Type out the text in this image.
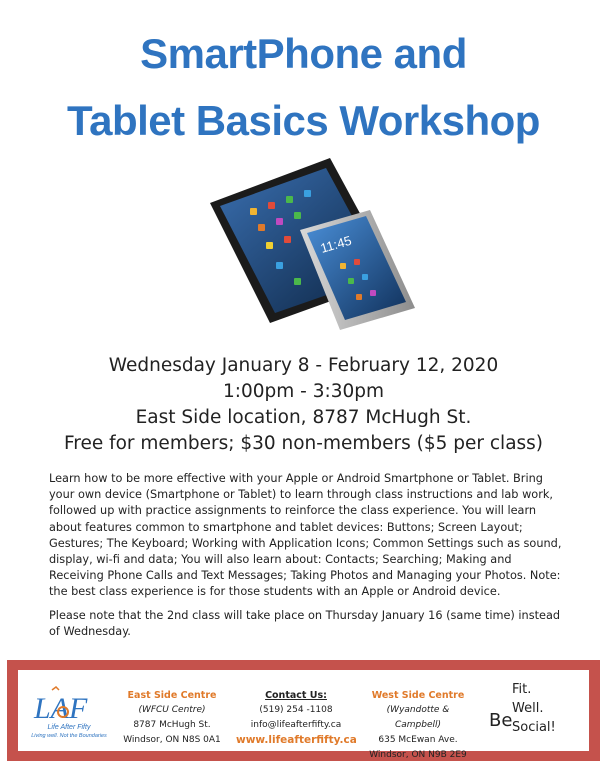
SmartPhone and
Tablet Basics Workshop
11:45
Wednesday January 8 - February 12, 2020
1:00pm - 3:30pm
East Side location, 8787 McHugh St.
Free for members; $30 non-members ($5 per class)

Learn how to be more effective with your Apple or Android Smartphone or Tablet. Bring your own device (Smartphone or Tablet) to learn through class instructions and lab work, followed up with practice assignments to reinforce the class experience. You will learn about features common to smartphone and tablet devices: Buttons; Screen Layout; Gestures; The Keyboard; Working with Application Icons; Common Settings such as sound, display, wi-fi and data; You will also learn about: Contacts; Searching; Making and Receiving Phone Calls and Text Messages; Taking Photos and Managing your Photos. Note: the best class experience is for those students with an Apple or Android device.

Please note that the 2nd class will take place on Thursday January 16 (same time) instead of Wednesday.

LAF
Life After Fifty
Living well. Not the Boundaries
East Side Centre
(WFCU Centre)
8787 McHugh St.
Windsor, ON N8S 0A1
Contact Us:
(519) 254 -1108
info@lifeafterfifty.ca
www.lifeafterfifty.ca
West Side Centre
(Wyandotte & Campbell)
635 McEwan Ave.
Windsor, ON N9B 2E9
Be
Fit.
Well.
Social!
